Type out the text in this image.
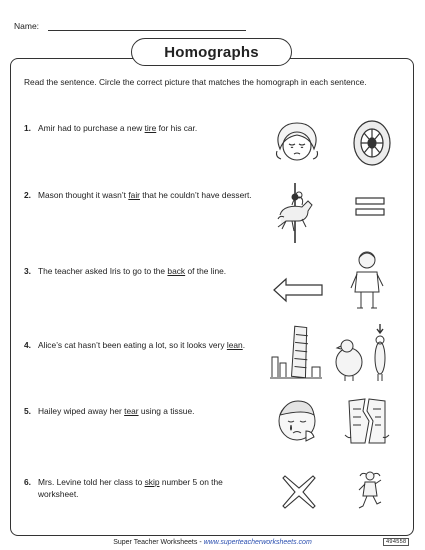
Name:
Homographs
Read the sentence. Circle the correct picture that matches the homograph in each sentence.
1. Amir had to purchase a new tire for his car.
2. Mason thought it wasn’t fair that he couldn’t have dessert.
3. The teacher asked Iris to go to the back of the line.
4. Alice’s cat hasn’t been eating a lot, so it looks very lean.
5. Hailey wiped away her tear using a tissue.
6. Mrs. Levine told her class to skip number 5 on the worksheet.
Super Teacher Worksheets - www.superteacherworksheets.com	494558
